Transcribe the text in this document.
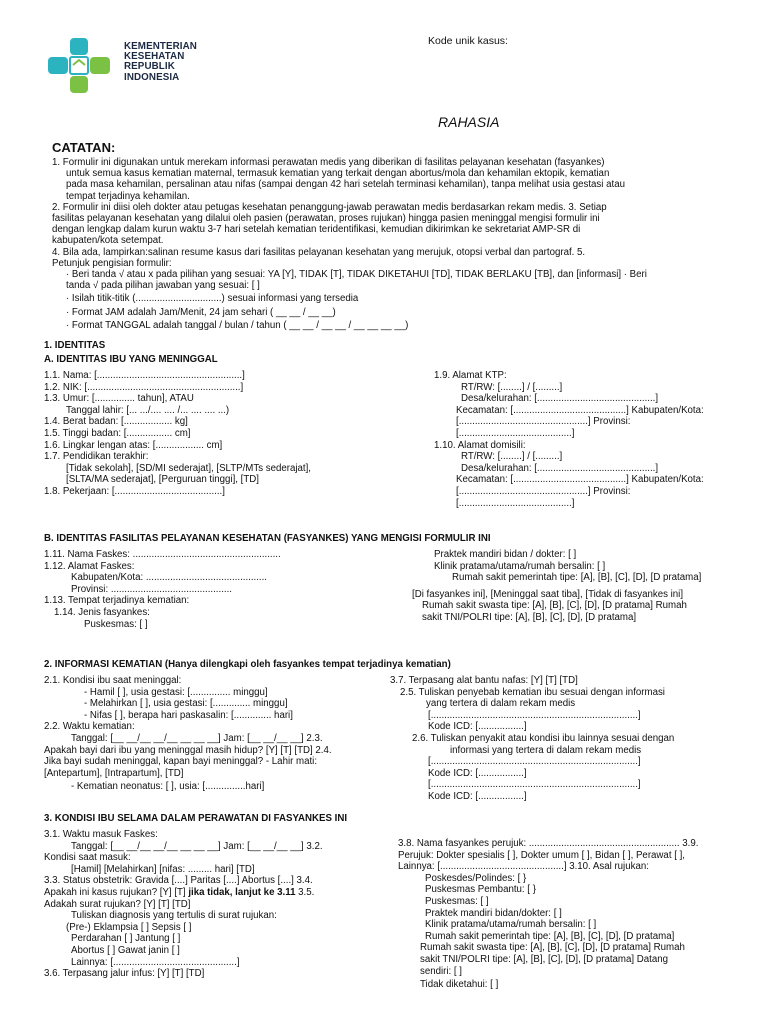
KEMENTERIAN
KESEHATAN
REPUBLIK
INDONESIA
Kode unik kasus:
RAHASIA
CATATAN:
1. Formulir ini digunakan untuk merekam informasi perawatan medis yang diberikan di fasilitas pelayanan kesehatan (fasyankes)
untuk semua kasus kematian maternal, termasuk kematian yang terkait dengan abortus/mola dan kehamilan ektopik, kematian
pada masa kehamilan, persalinan atau nifas (sampai dengan 42 hari setelah terminasi kehamilan), tanpa melihat usia gestasi atau
tempat terjadinya kehamilan.
2. Formulir ini diisi oleh dokter atau petugas kesehatan penanggung-jawab perawatan medis berdasarkan rekam medis. 3. Setiap
fasilitas pelayanan kesehatan yang dilalui oleh pasien (perawatan, proses rujukan) hingga pasien meninggal mengisi formulir ini
dengan lengkap dalam kurun waktu 3-7 hari setelah kematian teridentifikasi, kemudian dikirimkan ke sekretariat AMP-SR di
kabupaten/kota setempat.
4. Bila ada, lampirkan:salinan resume kasus dari fasilitas pelayanan kesehatan yang merujuk, otopsi verbal dan partograf. 5.
Petunjuk pengisian formulir:
· Beri tanda √ atau x pada pilihan yang sesuai: YA [Y], TIDAK [T], TIDAK DIKETAHUI [TD], TIDAK BERLAKU [TB], dan [informasi] · Beri
tanda √ pada pilihan jawaban yang sesuai: [ ]
· Isilah titik-titik (................................) sesuai informasi yang tersedia
· Format JAM adalah Jam/Menit, 24 jam sehari ( __ __ / __ __)
· Format TANGGAL adalah tanggal / bulan / tahun ( __ __ / __ __ / __ __ __ __)
1. IDENTITAS
A. IDENTITAS IBU YANG MENINGGAL
1.1. Nama: [......................................................]
1.2. NIK: [.........................................................]
1.3. Umur: [............... tahun], ATAU
Tanggal lahir: [... .../.... .... /... .... .... ...)
1.4. Berat badan: [.................. kg]
1.5. Tinggi badan: [................. cm]
1.6. Lingkar lengan atas: [.................. cm]
1.7. Pendidikan terakhir:
[Tidak sekolah], [SD/MI sederajat], [SLTP/MTs sederajat],
[SLTA/MA sederajat], [Perguruan tinggi], [TD]
1.8. Pekerjaan: [........................................]
1.9. Alamat KTP:
RT/RW: [........] / [.........]
Desa/kelurahan: [............................................]
Kecamatan: [..........................................] Kabupaten/Kota:
[................................................] Provinsi:
[..........................................]
1.10. Alamat domisili:
RT/RW: [........] / [.........]
Desa/kelurahan: [............................................]
Kecamatan: [..........................................] Kabupaten/Kota:
[................................................] Provinsi:
[..........................................]
B. IDENTITAS FASILITAS PELAYANAN KESEHATAN (FASYANKES) YANG MENGISI FORMULIR INI
1.11. Nama Faskes: .......................................................
1.12. Alamat Faskes:
Kabupaten/Kota: .............................................
Provinsi: .............................................
1.13. Tempat terjadinya kematian:
1.14. Jenis fasyankes:
Puskesmas: [ ]
Praktek mandiri bidan / dokter: [ ]
Klinik pratama/utama/rumah bersalin: [ ]
Rumah sakit pemerintah tipe: [A], [B], [C], [D], [D pratama]
[Di fasyankes ini], [Meninggal saat tiba], [Tidak di fasyankes ini]
Rumah sakit swasta tipe: [A], [B], [C], [D], [D pratama] Rumah
sakit TNI/POLRI tipe: [A], [B], [C], [D], [D pratama]
2. INFORMASI KEMATIAN (Hanya dilengkapi oleh fasyankes tempat terjadinya kematian)
2.1. Kondisi ibu saat meninggal:
- Hamil [ ], usia gestasi: [............... minggu]
- Melahirkan [ ], usia gestasi: [.............. minggu]
- Nifas [ ], berapa hari paskasalin: [.............. hari]
2.2. Waktu kematian:
Tanggal: [__ __/__ __/__ __ __ __] Jam: [__ __/__ __] 2.3.
Apakah bayi dari ibu yang meninggal masih hidup? [Y] [T] [TD] 2.4.
Jika bayi sudah meninggal, kapan bayi meninggal? - Lahir mati:
[Antepartum], [Intrapartum], [TD]
- Kematian neonatus: [ ], usia: [...............hari]
3.7. Terpasang alat bantu nafas: [Y] [T] [TD]
2.5. Tuliskan penyebab kematian ibu sesuai dengan informasi
yang tertera di dalam rekam medis
[.............................................................................]
Kode ICD: [.................]
2.6. Tuliskan penyakit atau kondisi ibu lainnya sesuai dengan
informasi yang tertera di dalam rekam medis
[.............................................................................]
Kode ICD: [.................]
[.............................................................................]
Kode ICD: [.................]
3. KONDISI IBU SELAMA DALAM PERAWATAN DI FASYANKES INI
3.1. Waktu masuk Faskes:
Tanggal: [__ __/__ __/__ __ __ __] Jam: [__ __/__ __] 3.2.
Kondisi saat masuk:
[Hamil] [Melahirkan] [nifas: ......... hari] [TD]
3.3. Status obstetrik: Gravida [....] Paritas [....] Abortus [....] 3.4.
Apakah ini kasus rujukan? [Y] [T] jika tidak, lanjut ke 3.11 3.5.
Adakah surat rujukan? [Y] [T] [TD]
Tuliskan diagnosis yang tertulis di surat rujukan:
(Pre-) Eklampsia [ ] Sepsis [ ]
Perdarahan [ ] Jantung [ ]
Abortus [ ] Gawat janin [ ]
Lainnya: [..............................................]
3.6. Terpasang jalur infus: [Y] [T] [TD]
3.8. Nama fasyankes perujuk: ........................................................ 3.9.
Perujuk: Dokter spesialis [ ], Dokter umum [ ], Bidan [ ], Perawat [ ],
Lainnya: [..............................................] 3.10. Asal rujukan:
Poskesdes/Polindes: [ }
Puskesmas Pembantu: [ }
Puskesmas: [ ]
Praktek mandiri bidan/dokter: [ ]
Klinik pratama/utama/rumah bersalin: [ ]
Rumah sakit pemerintah tipe: [A], [B], [C], [D], [D pratama]
Rumah sakit swasta tipe: [A], [B], [C], [D], [D pratama] Rumah
sakit TNI/POLRI tipe: [A], [B], [C], [D], [D pratama] Datang
sendiri: [ ]
Tidak diketahui: [ ]
